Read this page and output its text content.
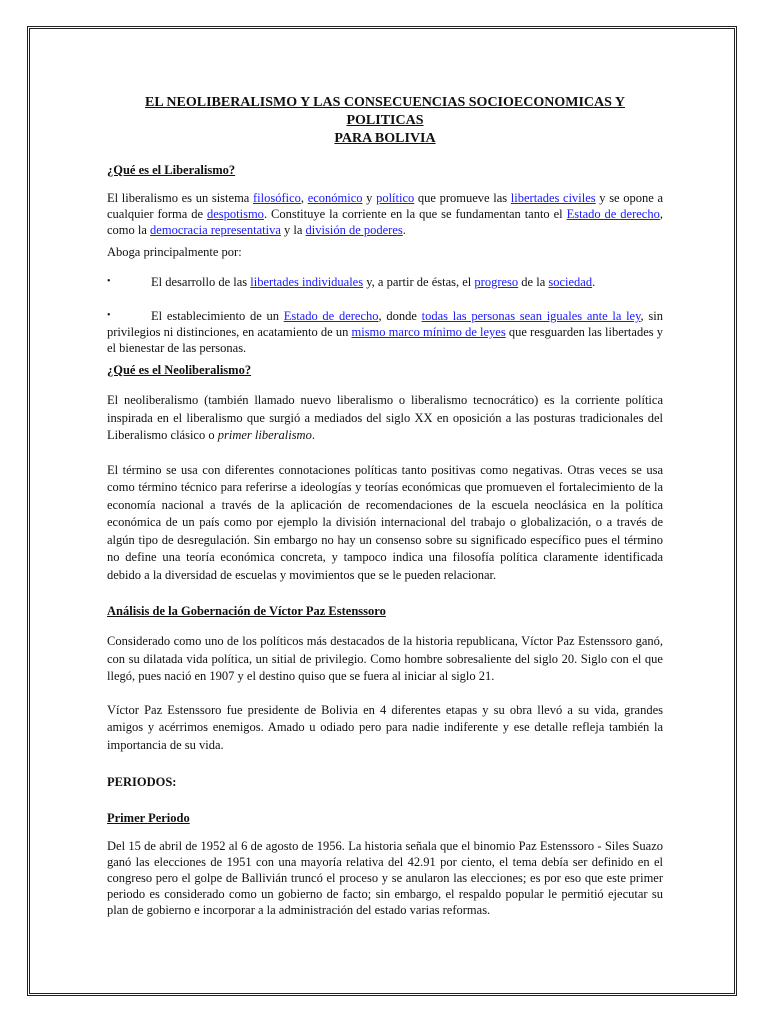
EL NEOLIBERALISMO Y LAS CONSECUENCIAS SOCIOECONOMICAS Y POLITICAS
PARA BOLIVIA
¿Qué es el Liberalismo?

El liberalismo es un sistema filosófico, económico y político que promueve las libertades civiles y se opone a cualquier forma de despotismo. Constituye la corriente en la que se fundamentan tanto el Estado de derecho, como la democracia representativa y la división de poderes.

Aboga principalmente por:

•	El desarrollo de las libertades individuales y, a partir de éstas, el progreso de la sociedad.
•	El establecimiento de un Estado de derecho, donde todas las personas sean iguales ante la ley, sin privilegios ni distinciones, en acatamiento de un mismo marco mínimo de leyes que resguarden las libertades y el bienestar de las personas.
¿Qué es el Neoliberalismo?

El neoliberalismo (también llamado nuevo liberalismo o liberalismo tecnocrático) es la corriente política inspirada en el liberalismo que surgió a mediados del siglo XX en oposición a las posturas tradicionales del Liberalismo clásico o primer liberalismo.

El término se usa con diferentes connotaciones políticas tanto positivas como negativas. Otras veces se usa como término técnico para referirse a ideologías y teorías económicas que promueven el fortalecimiento de la economía nacional a través de la aplicación de recomendaciones de la escuela neoclásica en la política económica de un país como por ejemplo la división internacional del trabajo o globalización, o a través de algún tipo de desregulación. Sin embargo no hay un consenso sobre su significado específico pues el término no define una teoría económica concreta, y tampoco indica una filosofía política claramente identificada debido a la diversidad de escuelas y movimientos que se le pueden relacionar.

Análisis de la Gobernación de Víctor Paz Estenssoro

Considerado como uno de los políticos más destacados de la historia republicana, Víctor Paz Estenssoro ganó, con su dilatada vida política, un sitial de privilegio. Como hombre sobresaliente del siglo 20. Siglo con el que llegó, pues nació en 1907 y el destino quiso que se fuera al iniciar al siglo 21.

Víctor Paz Estenssoro fue presidente de Bolivia en 4 diferentes etapas y su obra llevó a su vida, grandes amigos y acérrimos enemigos. Amado u odiado pero para nadie indiferente y ese detalle refleja también la importancia de su vida.

PERIODOS:
Primer Periodo

Del 15 de abril de 1952 al 6 de agosto de 1956. La historia señala que el binomio Paz Estenssoro - Siles Suazo ganó las elecciones de 1951 con una mayoría relativa del 42.91 por ciento, el tema debía ser definido en el congreso pero el golpe de Ballivián truncó el proceso y se anularon las elecciones; es por eso que este primer periodo es considerado como un gobierno de facto; sin embargo, el respaldo popular le permitió ejecutar su plan de gobierno e incorporar a la administración del estado varias reformas.
